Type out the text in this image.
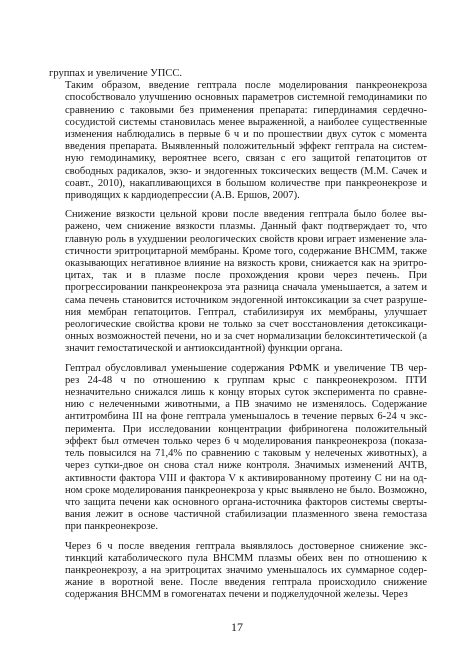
группах и увеличение УПСС.
Таким образом, введение гептрала после моделирования панкреонекроза
способствовало улучшению основных параметров системной гемодинамики по
сравнению с таковыми без применения препарата: гипердинамия сердечно-
сосудистой системы становилась менее выраженной, а наиболее существенные
изменения наблюдались в первые 6 ч и по прошествии двух суток с момента
введения препарата. Выявленный положительный эффект гептрала на систем-
ную гемодинамику, вероятнее всего, связан с его защитой гепатоцитов от
свободных радикалов, экзо- и эндогенных токсических веществ (М.М. Сачек и
соавт., 2010), накапливающихся в большом количестве при панкреонекрозе и
приводящих к кардиодепрессии (А.В. Ершов, 2007).
Снижение вязкости цельной крови после введения гептрала было более вы-
ражено, чем снижение вязкости плазмы. Данный факт подтверждает то, что
главную роль в ухудшении реологических свойств крови играет изменение эла-
стичности эритроцитарной мембраны. Кроме того, содержание ВНСММ, также
оказывающих негативное влияние на вязкость крови, снижается как на эритро-
цитах, так и в плазме после прохождения крови через печень. При
прогрессировании панкреонекроза эта разница сначала уменьшается, а затем и
сама печень становится источником эндогенной интоксикации за счет разруше-
ния мембран гепатоцитов. Гептрал, стабилизируя их мембраны, улучшает
реологические свойства крови не только за счет восстановления детоксикаци-
онных возможностей печени, но и за счет нормализации белоксинтетической (а
значит гемостатической и антиоксидантной) функции органа.
Гептрал обусловливал уменьшение содержания РФМК и увеличение ТВ чер-
рез 24-48 ч по отношению к группам крыс с панкреонекрозом. ПТИ
незначительно снижался лишь к концу вторых суток эксперимента по сравне-
нию с нелеченными животными, а ПВ значимо не изменялось. Содержание
антитромбина III на фоне гептрала уменьшалось в течение первых 6-24 ч экс-
перимента. При исследовании концентрации фибриногена положительный
эффект был отмечен только через 6 ч моделирования панкреонекроза (показа-
тель повысился на 71,4% по сравнению с таковым у нелеченых животных), а
через сутки-двое он снова стал ниже контроля. Значимых изменений АЧТВ,
активности фактора VIII и фактора V к активированному протеину С ни на од-
ном сроке моделирования панкреонекроза у крыс выявлено не было. Возможно,
что защита печени как основного органа-источника факторов системы сверты-
вания лежит в основе частичной стабилизации плазменного звена гемостаза
при панкреонекрозе.
Через 6 ч после введения гептрала выявлялось достоверное снижение экс-
тинкций катаболического пула ВНСММ плазмы обеих вен по отношению к
панкреонекрозу, а на эритроцитах значимо уменьшалось их суммарное содер-
жание в воротной вене. После введения гептрала происходило снижение
содержания ВНСММ в гомогенатах печени и поджелудочной железы. Через
17
